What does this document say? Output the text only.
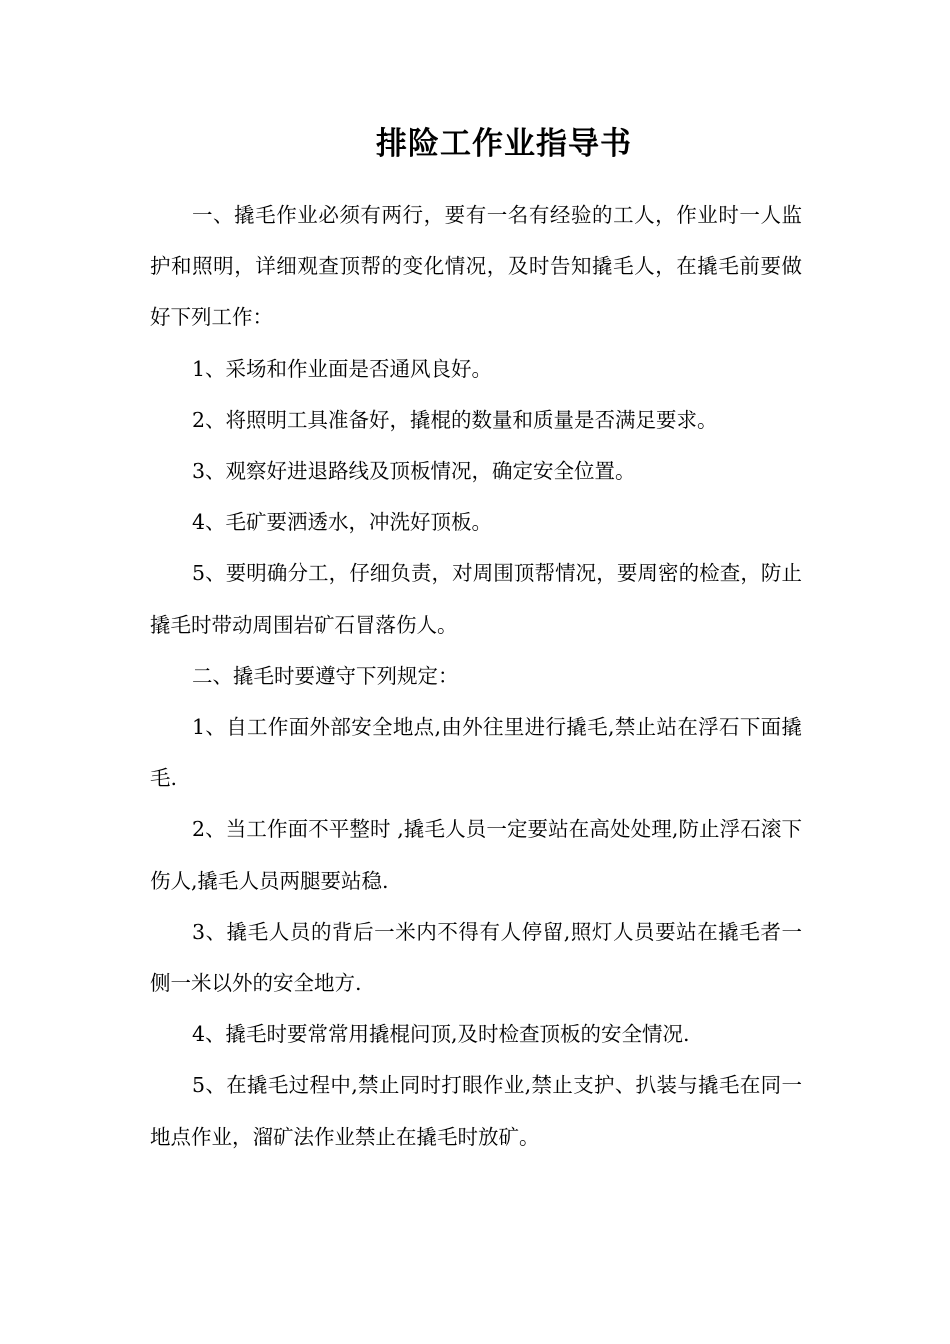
排险工作业指导书

一、撬毛作业必须有两行，要有一名有经验的工人，作业时一人监护和照明，详细观查顶帮的变化情况，及时告知撬毛人，在撬毛前要做好下列工作：

1、采场和作业面是否通风良好。

2、将照明工具准备好，撬棍的数量和质量是否满足要求。

3、观察好进退路线及顶板情况，确定安全位置。

4、毛矿要洒透水，冲洗好顶板。

5、要明确分工，仔细负责，对周围顶帮情况，要周密的检查，防止撬毛时带动周围岩矿石冒落伤人。

二、撬毛时要遵守下列规定：

1、自工作面外部安全地点,由外往里进行撬毛,禁止站在浮石下面撬毛.

2、当工作面不平整时 ,撬毛人员一定要站在高处处理,防止浮石滚下伤人,撬毛人员两腿要站稳.

3、撬毛人员的背后一米内不得有人停留,照灯人员要站在撬毛者一侧一米以外的安全地方.

4、撬毛时要常常用撬棍问顶,及时检查顶板的安全情况.

5、在撬毛过程中,禁止同时打眼作业,禁止支护、扒装与撬毛在同一地点作业，溜矿法作业禁止在撬毛时放矿。
